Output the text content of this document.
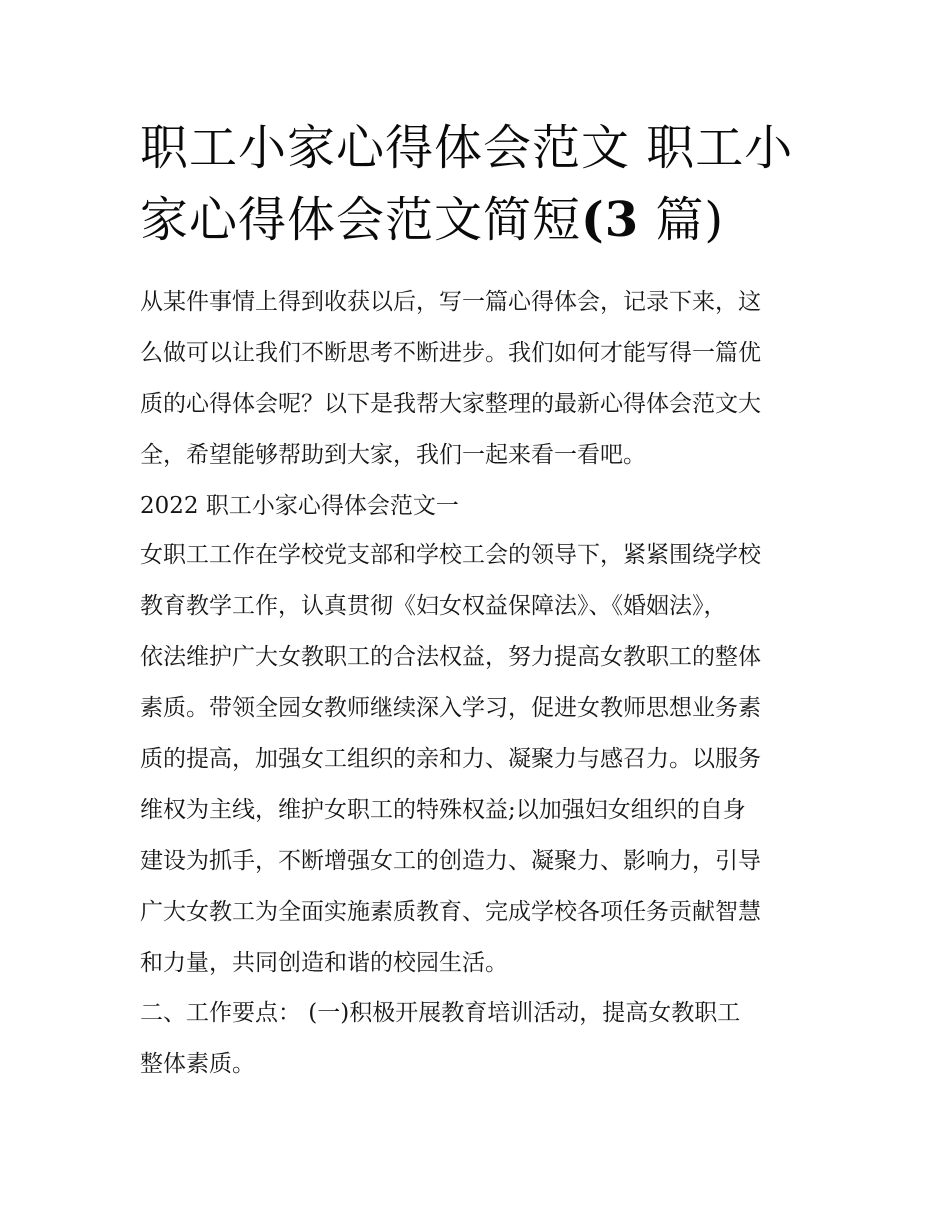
职工小家心得体会范文 职工小
家心得体会范文简短(3 篇)
从某件事情上得到收获以后，写一篇心得体会，记录下来，这
么做可以让我们不断思考不断进步。我们如何才能写得一篇优
质的心得体会呢？以下是我帮大家整理的最新心得体会范文大
全，希望能够帮助到大家，我们一起来看一看吧。
2022 职工小家心得体会范文一
女职工工作在学校党支部和学校工会的领导下，紧紧围绕学校
教育教学工作，认真贯彻《妇女权益保障法》、《婚姻法》，
依法维护广大女教职工的合法权益，努力提高女教职工的整体
素质。带领全园女教师继续深入学习，促进女教师思想业务素
质的提高，加强女工组织的亲和力、凝聚力与感召力。以服务
维权为主线，维护女职工的特殊权益;以加强妇女组织的自身
建设为抓手，不断增强女工的创造力、凝聚力、影响力，引导
广大女教工为全面实施素质教育、完成学校各项任务贡献智慧
和力量，共同创造和谐的校园生活。
二、工作要点： (一)积极开展教育培训活动，提高女教职工
整体素质。
